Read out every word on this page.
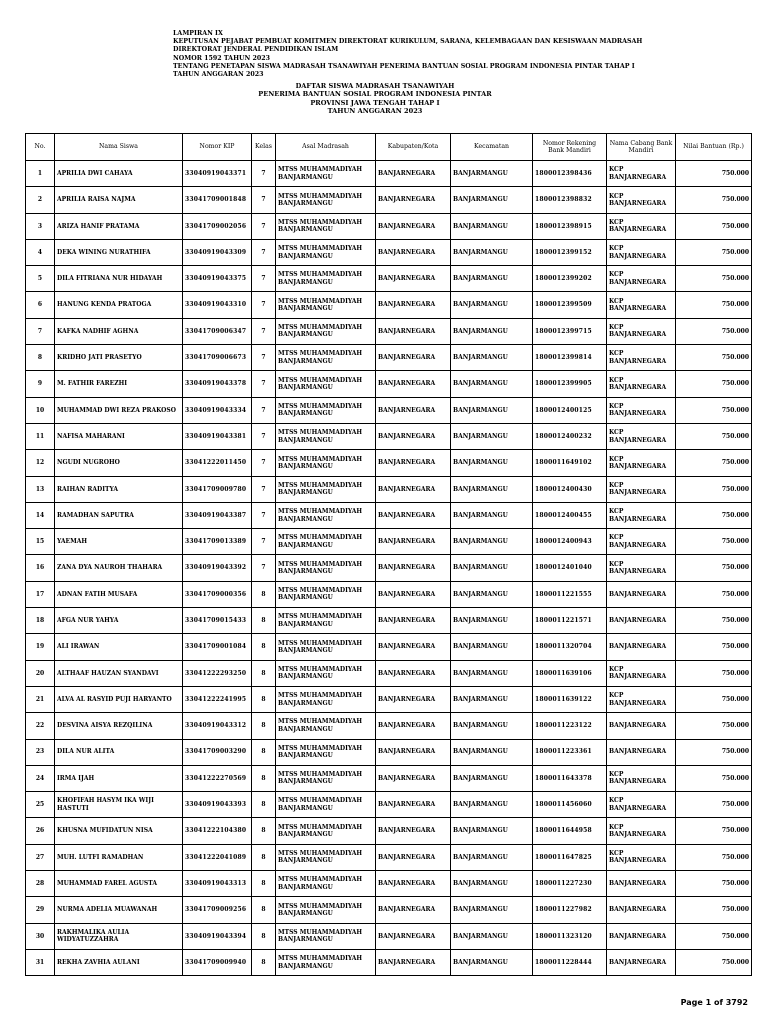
LAMPIRAN IX
KEPUTUSAN PEJABAT PEMBUAT KOMITMEN DIREKTORAT KURIKULUM, SARANA, KELEMBAGAAN DAN KESISWAAN MADRASAH
DIREKTORAT JENDERAL PENDIDIKAN ISLAM
NOMOR 1592 TAHUN 2023
TENTANG PENETAPAN SISWA MADRASAH TSANAWIYAH PENERIMA BANTUAN SOSIAL PROGRAM INDONESIA PINTAR TAHAP I
TAHUN ANGGARAN 2023
DAFTAR SISWA MADRASAH TSANAWIYAH
PENERIMA BANTUAN SOSIAL PROGRAM INDONESIA PINTAR
PROVINSI JAWA TENGAH TAHAP I
TAHUN ANGGARAN 2023
No.	Nama Siswa	Nomor KIP	Kelas	Asal Madrasah	Kabupaten/Kota	Kecamatan	Nomor Rekening Bank Mandiri	Nama Cabang Bank Mandiri	Nilai Bantuan (Rp.)
1	APRILIA DWI CAHAYA	33040919043371	7	MTSS MUHAMMADIYAH BANJARMANGU	BANJARNEGARA	BANJARMANGU	1800012398436	KCP BANJARNEGARA	750.000
2	APRILIA RAISA NAJMA	33041709001848	7	MTSS MUHAMMADIYAH BANJARMANGU	BANJARNEGARA	BANJARMANGU	1800012398832	KCP BANJARNEGARA	750.000
3	ARIZA HANIF PRATAMA	33041709002056	7	MTSS MUHAMMADIYAH BANJARMANGU	BANJARNEGARA	BANJARMANGU	1800012398915	KCP BANJARNEGARA	750.000
4	DEKA WINING NURATHIFA	33040919043309	7	MTSS MUHAMMADIYAH BANJARMANGU	BANJARNEGARA	BANJARMANGU	1800012399152	KCP BANJARNEGARA	750.000
5	DILA FITRIANA NUR HIDAYAH	33040919043375	7	MTSS MUHAMMADIYAH BANJARMANGU	BANJARNEGARA	BANJARMANGU	1800012399202	KCP BANJARNEGARA	750.000
6	HANUNG KENDA PRATOGA	33040919043310	7	MTSS MUHAMMADIYAH BANJARMANGU	BANJARNEGARA	BANJARMANGU	1800012399509	KCP BANJARNEGARA	750.000
7	KAFKA NADHIF AGHNA	33041709006347	7	MTSS MUHAMMADIYAH BANJARMANGU	BANJARNEGARA	BANJARMANGU	1800012399715	KCP BANJARNEGARA	750.000
8	KRIDHO JATI PRASETYO	33041709006673	7	MTSS MUHAMMADIYAH BANJARMANGU	BANJARNEGARA	BANJARMANGU	1800012399814	KCP BANJARNEGARA	750.000
9	M. FATHIR FAREZHI	33040919043378	7	MTSS MUHAMMADIYAH BANJARMANGU	BANJARNEGARA	BANJARMANGU	1800012399905	KCP BANJARNEGARA	750.000
10	MUHAMMAD DWI REZA PRAKOSO	33040919043334	7	MTSS MUHAMMADIYAH BANJARMANGU	BANJARNEGARA	BANJARMANGU	1800012400125	KCP BANJARNEGARA	750.000
11	NAFISA MAHARANI	33040919043381	7	MTSS MUHAMMADIYAH BANJARMANGU	BANJARNEGARA	BANJARMANGU	1800012400232	KCP BANJARNEGARA	750.000
12	NGUDI NUGROHO	33041222011450	7	MTSS MUHAMMADIYAH BANJARMANGU	BANJARNEGARA	BANJARMANGU	1800011649102	KCP BANJARNEGARA	750.000
13	RAIHAN RADITYA	33041709009780	7	MTSS MUHAMMADIYAH BANJARMANGU	BANJARNEGARA	BANJARMANGU	1800012400430	KCP BANJARNEGARA	750.000
14	RAMADHAN SAPUTRA	33040919043387	7	MTSS MUHAMMADIYAH BANJARMANGU	BANJARNEGARA	BANJARMANGU	1800012400455	KCP BANJARNEGARA	750.000
15	YAEMAH	33041709013389	7	MTSS MUHAMMADIYAH BANJARMANGU	BANJARNEGARA	BANJARMANGU	1800012400943	KCP BANJARNEGARA	750.000
16	ZANA DYA NAUROH THAHARA	33040919043392	7	MTSS MUHAMMADIYAH BANJARMANGU	BANJARNEGARA	BANJARMANGU	1800012401040	KCP BANJARNEGARA	750.000
17	ADNAN FATIH MUSAFA	33041709000356	8	MTSS MUHAMMADIYAH BANJARMANGU	BANJARNEGARA	BANJARMANGU	1800011221555	BANJARNEGARA	750.000
18	AFGA NUR YAHYA	33041709015433	8	MTSS MUHAMMADIYAH BANJARMANGU	BANJARNEGARA	BANJARMANGU	1800011221571	BANJARNEGARA	750.000
19	ALI IRAWAN	33041709001084	8	MTSS MUHAMMADIYAH BANJARMANGU	BANJARNEGARA	BANJARMANGU	1800011320704	BANJARNEGARA	750.000
20	ALTHAAF HAUZAN SYANDAVI	33041222293250	8	MTSS MUHAMMADIYAH BANJARMANGU	BANJARNEGARA	BANJARMANGU	1800011639106	KCP BANJARNEGARA	750.000
21	ALVA AL RASYID PUJI HARYANTO	33041222241995	8	MTSS MUHAMMADIYAH BANJARMANGU	BANJARNEGARA	BANJARMANGU	1800011639122	KCP BANJARNEGARA	750.000
22	DESVINA AISYA REZQILINA	33040919043312	8	MTSS MUHAMMADIYAH BANJARMANGU	BANJARNEGARA	BANJARMANGU	1800011223122	BANJARNEGARA	750.000
23	DILA NUR ALITA	33041709003290	8	MTSS MUHAMMADIYAH BANJARMANGU	BANJARNEGARA	BANJARMANGU	1800011223361	BANJARNEGARA	750.000
24	IRMA IJAH	33041222270569	8	MTSS MUHAMMADIYAH BANJARMANGU	BANJARNEGARA	BANJARMANGU	1800011643378	KCP BANJARNEGARA	750.000
25	KHOFIFAH HASYM IKA WIJI HASTUTI	33040919043393	8	MTSS MUHAMMADIYAH BANJARMANGU	BANJARNEGARA	BANJARMANGU	1800011456060	KCP BANJARNEGARA	750.000
26	KHUSNA MUFIDATUN NISA	33041222104380	8	MTSS MUHAMMADIYAH BANJARMANGU	BANJARNEGARA	BANJARMANGU	1800011644958	KCP BANJARNEGARA	750.000
27	MUH. LUTFI RAMADHAN	33041222041089	8	MTSS MUHAMMADIYAH BANJARMANGU	BANJARNEGARA	BANJARMANGU	1800011647825	KCP BANJARNEGARA	750.000
28	MUHAMMAD FAREL AGUSTA	33040919043313	8	MTSS MUHAMMADIYAH BANJARMANGU	BANJARNEGARA	BANJARMANGU	1800011227230	BANJARNEGARA	750.000
29	NURMA ADELIA MUAWANAH	33041709009256	8	MTSS MUHAMMADIYAH BANJARMANGU	BANJARNEGARA	BANJARMANGU	1800011227982	BANJARNEGARA	750.000
30	RAKHMALIKA AULIA WIDYATUZZAHRA	33040919043394	8	MTSS MUHAMMADIYAH BANJARMANGU	BANJARNEGARA	BANJARMANGU	1800011323120	BANJARNEGARA	750.000
31	REKHA ZAVHIA AULANI	33041709009940	8	MTSS MUHAMMADIYAH BANJARMANGU	BANJARNEGARA	BANJARMANGU	1800011228444	BANJARNEGARA	750.000
Page 1 of 3792
